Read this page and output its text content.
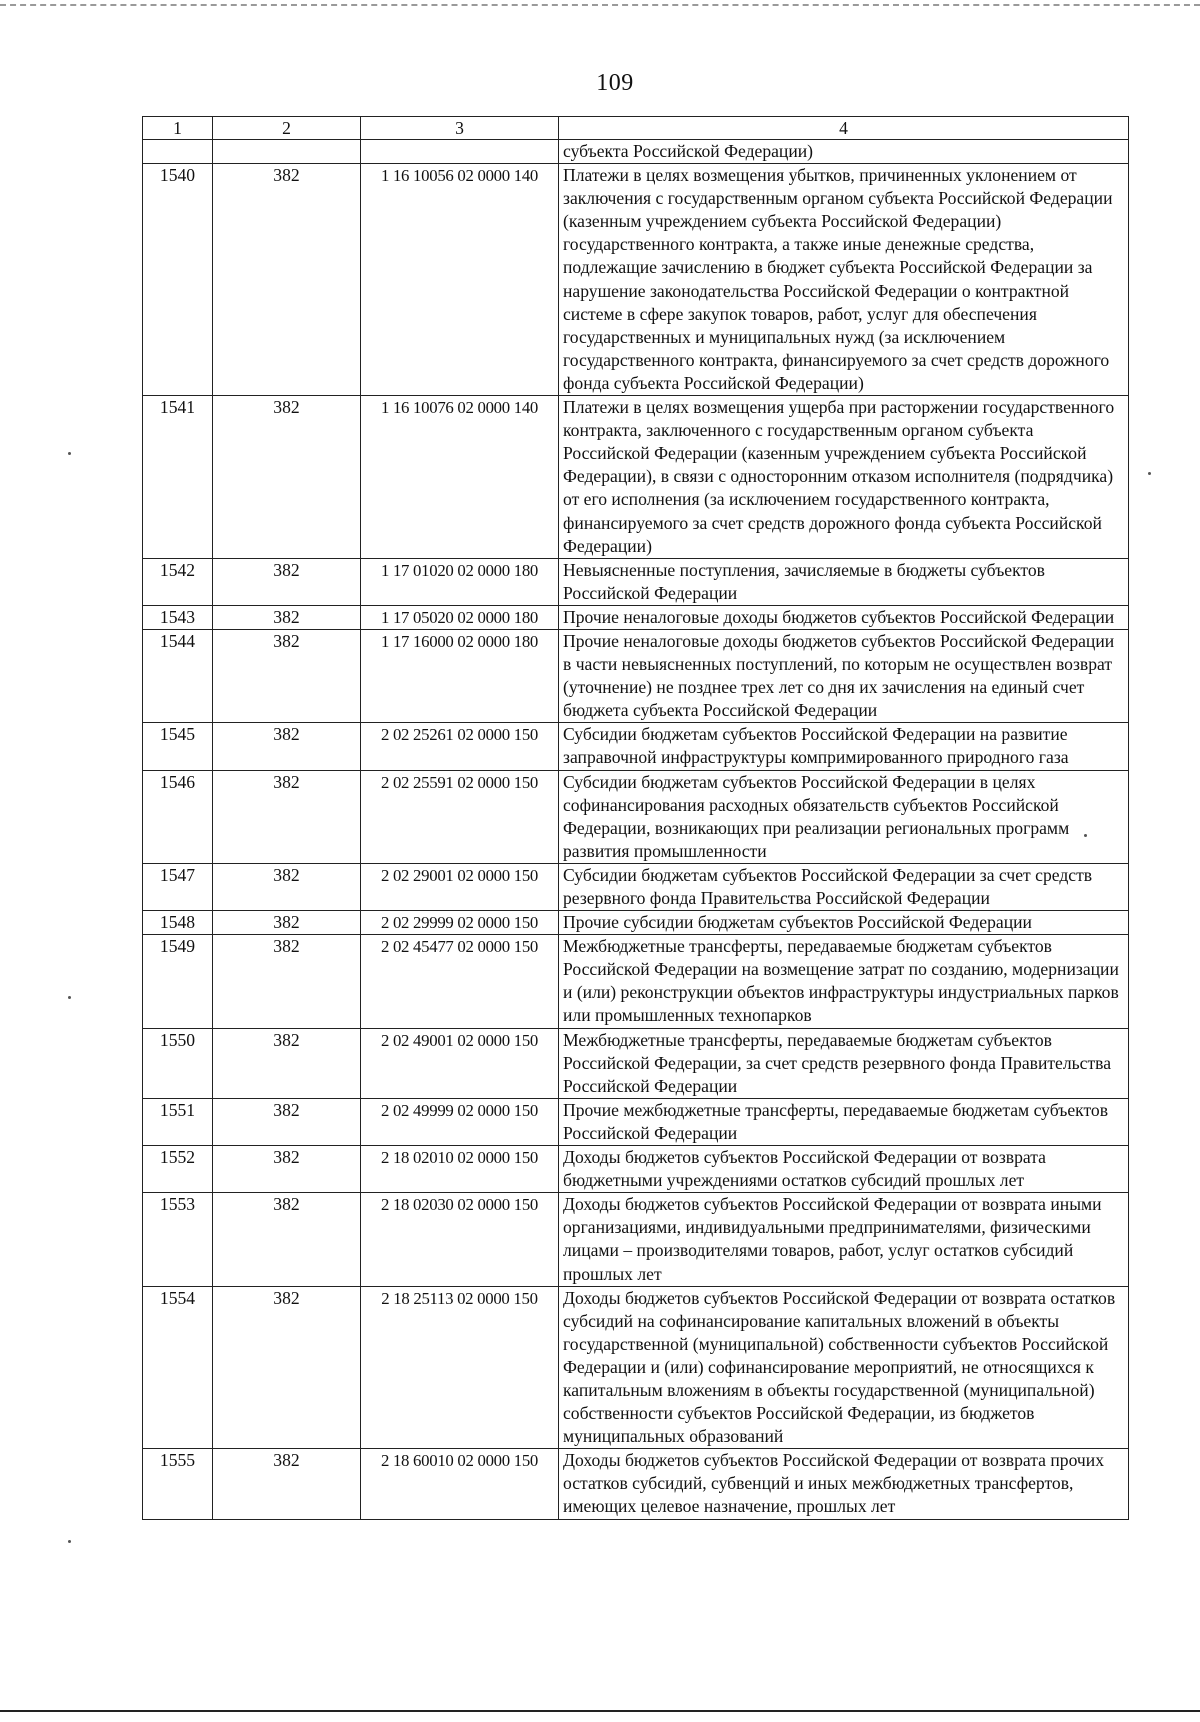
109
1	2	3	4
			субъекта Российской Федерации)
1540	382	1 16 10056 02 0000 140	Платежи в целях возмещения убытков, причиненных уклонением от заключения с государственным органом субъекта Российской Федерации (казенным учреждением субъекта Российской Федерации) государственного контракта, а также иные денежные средства, подлежащие зачислению в бюджет субъекта Российской Федерации за нарушение законодательства Российской Федерации о контрактной системе в сфере закупок товаров, работ, услуг для обеспечения государственных и муниципальных нужд (за исключением государственного контракта, финансируемого за счет средств дорожного фонда субъекта Российской Федерации)
1541	382	1 16 10076 02 0000 140	Платежи в целях возмещения ущерба при расторжении государственного контракта, заключенного с государственным органом субъекта Российской Федерации (казенным учреждением субъекта Российской Федерации), в связи с односторонним отказом исполнителя (подрядчика) от его исполнения (за исключением государственного контракта, финансируемого за счет средств дорожного фонда субъекта Российской Федерации)
1542	382	1 17 01020 02 0000 180	Невыясненные поступления, зачисляемые в бюджеты субъектов Российской Федерации
1543	382	1 17 05020 02 0000 180	Прочие неналоговые доходы бюджетов субъектов Российской Федерации
1544	382	1 17 16000 02 0000 180	Прочие неналоговые доходы бюджетов субъектов Российской Федерации в части невыясненных поступлений, по которым не осуществлен возврат (уточнение) не позднее трех лет со дня их зачисления на единый счет бюджета субъекта Российской Федерации
1545	382	2 02 25261 02 0000 150	Субсидии бюджетам субъектов Российской Федерации на развитие заправочной инфраструктуры компримированного природного газа
1546	382	2 02 25591 02 0000 150	Субсидии бюджетам субъектов Российской Федерации в целях софинансирования расходных обязательств субъектов Российской Федерации, возникающих при реализации региональных программ развития промышленности
1547	382	2 02 29001 02 0000 150	Субсидии бюджетам субъектов Российской Федерации за счет средств резервного фонда Правительства Российской Федерации
1548	382	2 02 29999 02 0000 150	Прочие субсидии бюджетам субъектов Российской Федерации
1549	382	2 02 45477 02 0000 150	Межбюджетные трансферты, передаваемые бюджетам субъектов Российской Федерации на возмещение затрат по созданию, модернизации и (или) реконструкции объектов инфраструктуры индустриальных парков или промышленных технопарков
1550	382	2 02 49001 02 0000 150	Межбюджетные трансферты, передаваемые бюджетам субъектов Российской Федерации, за счет средств резервного фонда Правительства Российской Федерации
1551	382	2 02 49999 02 0000 150	Прочие межбюджетные трансферты, передаваемые бюджетам субъектов Российской Федерации
1552	382	2 18 02010 02 0000 150	Доходы бюджетов субъектов Российской Федерации от возврата бюджетными учреждениями остатков субсидий прошлых лет
1553	382	2 18 02030 02 0000 150	Доходы бюджетов субъектов Российской Федерации от возврата иными организациями, индивидуальными предпринимателями, физическими лицами – производителями товаров, работ, услуг остатков субсидий прошлых лет
1554	382	2 18 25113 02 0000 150	Доходы бюджетов субъектов Российской Федерации от возврата остатков субсидий на софинансирование капитальных вложений в объекты государственной (муниципальной) собственности субъектов Российской Федерации и (или) софинансирование мероприятий, не относящихся к капитальным вложениям в объекты государственной (муниципальной) собственности субъектов Российской Федерации, из бюджетов муниципальных образований
1555	382	2 18 60010 02 0000 150	Доходы бюджетов субъектов Российской Федерации от возврата прочих остатков субсидий, субвенций и иных межбюджетных трансфертов, имеющих целевое назначение, прошлых лет
